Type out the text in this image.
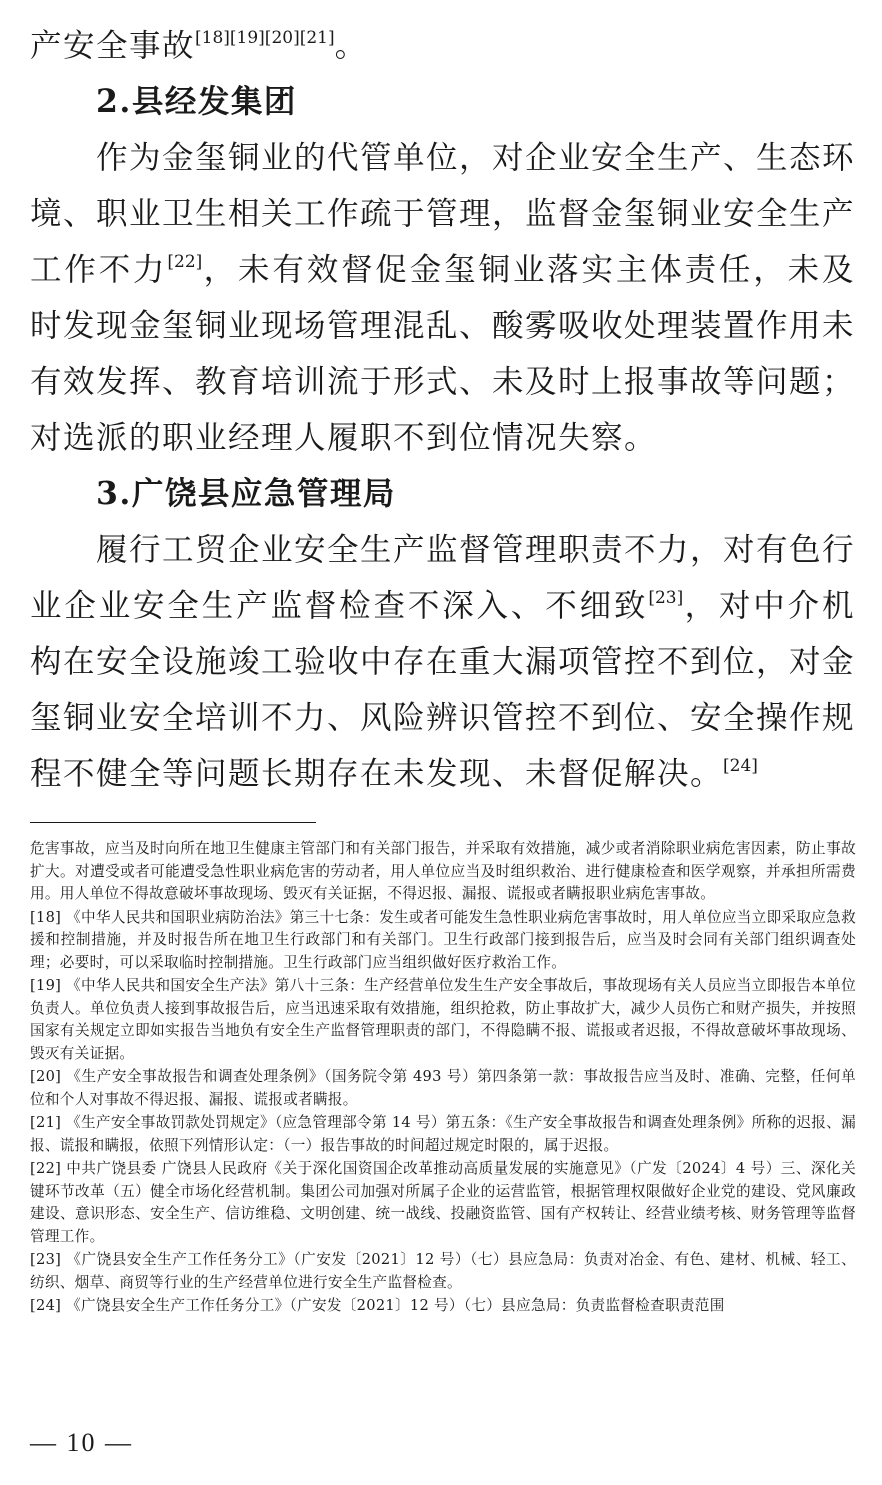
产安全事故[18][19][20][21]。

2.县经发集团

作为金玺铜业的代管单位，对企业安全生产、生态环境、职业卫生相关工作疏于管理，监督金玺铜业安全生产工作不力[22]，未有效督促金玺铜业落实主体责任，未及时发现金玺铜业现场管理混乱、酸雾吸收处理装置作用未有效发挥、教育培训流于形式、未及时上报事故等问题；对选派的职业经理人履职不到位情况失察。

3.广饶县应急管理局

履行工贸企业安全生产监督管理职责不力，对有色行业企业安全生产监督检查不深入、不细致[23]，对中介机构在安全设施竣工验收中存在重大漏项管控不到位，对金玺铜业安全培训不力、风险辨识管控不到位、安全操作规程不健全等问题长期存在未发现、未督促解决。[24]

危害事故，应当及时向所在地卫生健康主管部门和有关部门报告，并采取有效措施，减少或者消除职业病危害因素，防止事故扩大。对遭受或者可能遭受急性职业病危害的劳动者，用人单位应当及时组织救治、进行健康检查和医学观察，并承担所需费用。用人单位不得故意破坏事故现场、毁灭有关证据，不得迟报、漏报、谎报或者瞒报职业病危害事故。

[18] 《中华人民共和国职业病防治法》第三十七条：发生或者可能发生急性职业病危害事故时，用人单位应当立即采取应急救援和控制措施，并及时报告所在地卫生行政部门和有关部门。卫生行政部门接到报告后，应当及时会同有关部门组织调查处理；必要时，可以采取临时控制措施。卫生行政部门应当组织做好医疗救治工作。

[19] 《中华人民共和国安全生产法》第八十三条：生产经营单位发生生产安全事故后，事故现场有关人员应当立即报告本单位负责人。单位负责人接到事故报告后，应当迅速采取有效措施，组织抢救，防止事故扩大，减少人员伤亡和财产损失，并按照国家有关规定立即如实报告当地负有安全生产监督管理职责的部门，不得隐瞒不报、谎报或者迟报，不得故意破坏事故现场、毁灭有关证据。

[20] 《生产安全事故报告和调查处理条例》（国务院令第 493 号）第四条第一款：事故报告应当及时、准确、完整，任何单位和个人对事故不得迟报、漏报、谎报或者瞒报。

[21] 《生产安全事故罚款处罚规定》（应急管理部令第 14 号）第五条：《生产安全事故报告和调查处理条例》所称的迟报、漏报、谎报和瞒报，依照下列情形认定：（一）报告事故的时间超过规定时限的，属于迟报。

[22] 中共广饶县委 广饶县人民政府《关于深化国资国企改革推动高质量发展的实施意见》（广发〔2024〕4 号）三、深化关键环节改革（五）健全市场化经营机制。集团公司加强对所属子企业的运营监管，根据管理权限做好企业党的建设、党风廉政建设、意识形态、安全生产、信访维稳、文明创建、统一战线、投融资监管、国有产权转让、经营业绩考核、财务管理等监督管理工作。

[23] 《广饶县安全生产工作任务分工》（广安发〔2021〕12 号）（七）县应急局：负责对冶金、有色、建材、机械、轻工、纺织、烟草、商贸等行业的生产经营单位进行安全生产监督检查。

[24] 《广饶县安全生产工作任务分工》（广安发〔2021〕12 号）（七）县应急局：负责监督检查职责范围

— 10 —
